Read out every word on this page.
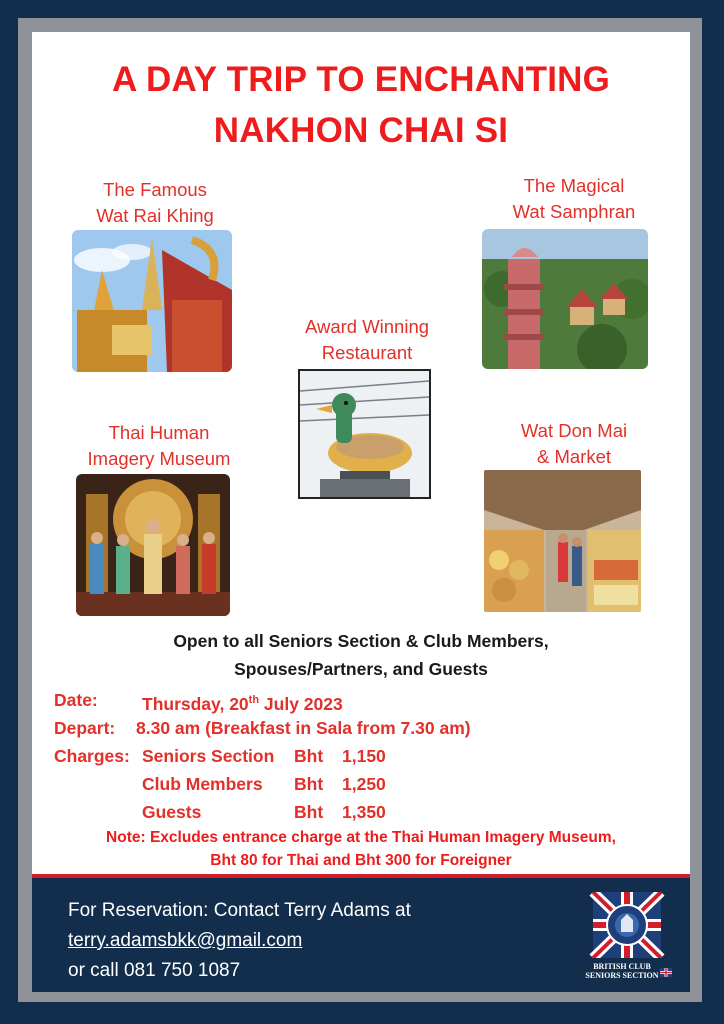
A DAY TRIP TO ENCHANTING
NAKHON CHAI SI
The Famous
Wat Rai Khing
The Magical
Wat Samphran
Award Winning
Restaurant
Thai Human
Imagery Museum
Wat Don Mai
& Market
Open to all Seniors Section & Club Members,
Spouses/Partners, and Guests
Date:	Thursday, 20th July 2023
Depart: 8.30 am (Breakfast in Sala from 7.30 am)
Charges: Seniors Section Bht 1,150
Club Members Bht 1,250
Guests	Bht 1,350
Note: Excludes entrance charge at the Thai Human Imagery Museum,
Bht 80 for Thai and Bht 300 for Foreigner
For Reservation: Contact Terry Adams at
terry.adamsbkk@gmail.com
or call 081 750 1087	BRITISH CLUB
SENIORS SECTION
